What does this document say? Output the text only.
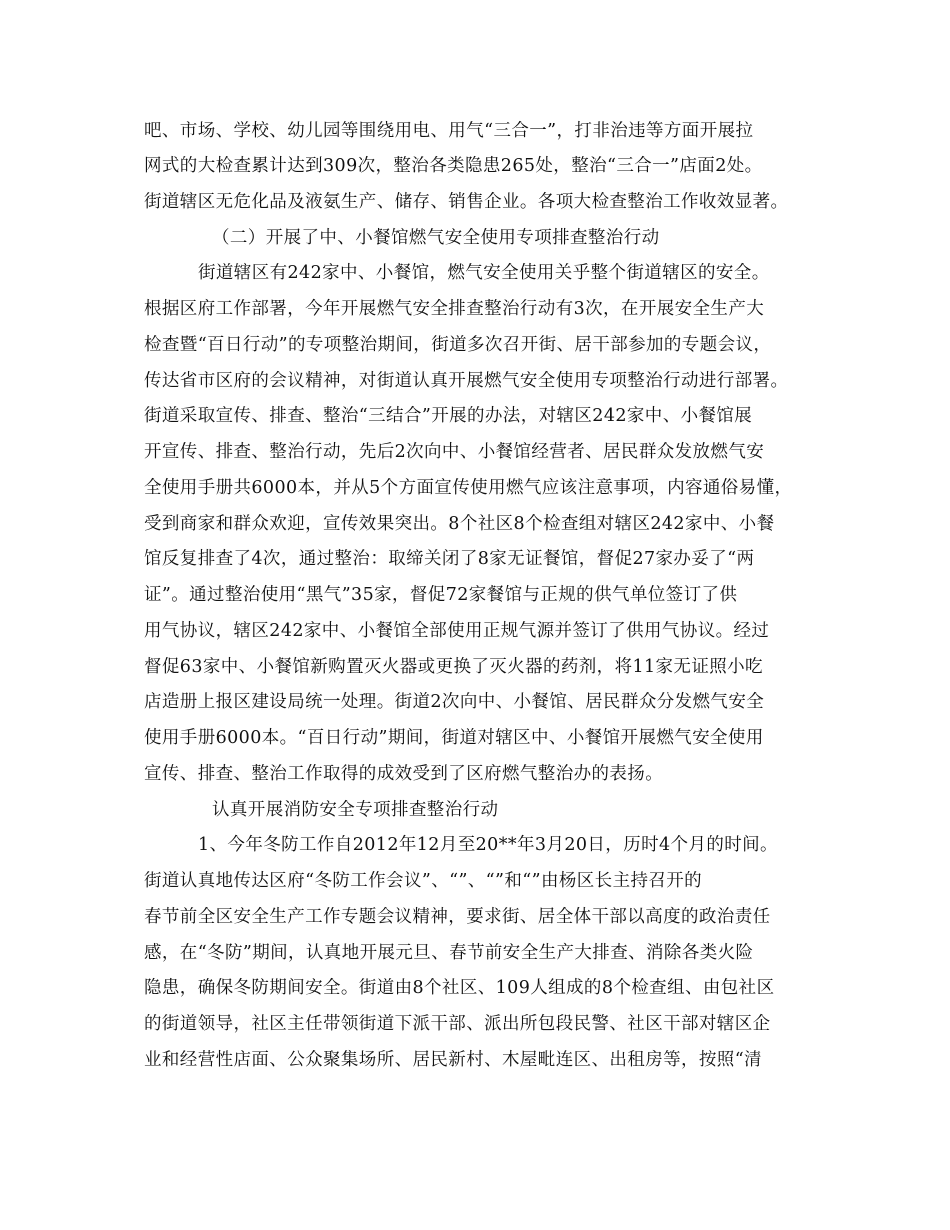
吧、市场、学校、幼儿园等围绕用电、用气“三合一”，打非治违等方面开展拉
网式的大检查累计达到309次，整治各类隐患265处，整治“三合一”店面2处。
街道辖区无危化品及液氨生产、储存、销售企业。各项大检查整治工作收效显著。
（二）开展了中、小餐馆燃气安全使用专项排查整治行动
街道辖区有242家中、小餐馆，燃气安全使用关乎整个街道辖区的安全。
根据区府工作部署，今年开展燃气安全排查整治行动有3次，在开展安全生产大
检查暨“百日行动”的专项整治期间，街道多次召开街、居干部参加的专题会议，
传达省市区府的会议精神，对街道认真开展燃气安全使用专项整治行动进行部署。
街道采取宣传、排查、整治“三结合”开展的办法，对辖区242家中、小餐馆展
开宣传、排查、整治行动，先后2次向中、小餐馆经营者、居民群众发放燃气安
全使用手册共6000本，并从5个方面宣传使用燃气应该注意事项，内容通俗易懂，
受到商家和群众欢迎，宣传效果突出。8个社区8个检查组对辖区242家中、小餐
馆反复排查了4次，通过整治：取缔关闭了8家无证餐馆，督促27家办妥了“两
证”。通过整治使用“黑气”35家，督促72家餐馆与正规的供气单位签订了供
用气协议，辖区242家中、小餐馆全部使用正规气源并签订了供用气协议。经过
督促63家中、小餐馆新购置灭火器或更换了灭火器的药剂，将11家无证照小吃
店造册上报区建设局统一处理。街道2次向中、小餐馆、居民群众分发燃气安全
使用手册6000本。“百日行动”期间，街道对辖区中、小餐馆开展燃气安全使用
宣传、排查、整治工作取得的成效受到了区府燃气整治办的表扬。
认真开展消防安全专项排查整治行动
1、今年冬防工作自2012年12月至20**年3月20日，历时4个月的时间。
街道认真地传达区府“冬防工作会议”、“”、“”和“”由杨区长主持召开的
春节前全区安全生产工作专题会议精神，要求街、居全体干部以高度的政治责任
感，在“冬防”期间，认真地开展元旦、春节前安全生产大排查、消除各类火险
隐患，确保冬防期间安全。街道由8个社区、109人组成的8个检查组、由包社区
的街道领导，社区主任带领街道下派干部、派出所包段民警、社区干部对辖区企
业和经营性店面、公众聚集场所、居民新村、木屋毗连区、出租房等，按照“清
